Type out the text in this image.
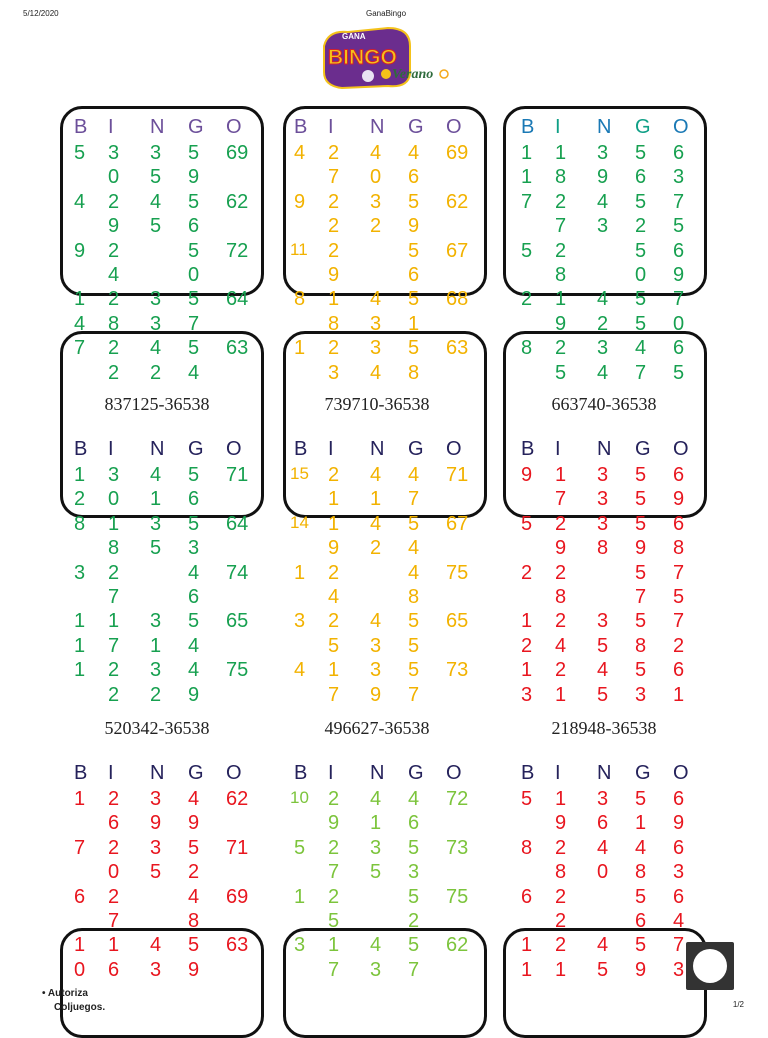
5/12/2020	GanaBingo
GANA
BINGO
Verano
B I N G O
5 3 3 5 69
0 5 9
4 2 4 5 62
9 5 6
9 2	5 72
4	0
1 2 3 5 64
4 8 3 7
7 2 4 5 63
2 2 4
837125-36538
B I N G O
4 2 4 4 69
7 0 6
9 2 3 5 62
2 2 9
11 2	5 67
9	6
8 1 4 5 68
8 3 1
1 2 3 5 63
3 4 8
739710-36538
B I N G O
1 1 3 5 6
1 8 9 6 3
7 2 4 5 7
7 3 2 5
5 2	5 6
8	0 9
2 1 4 5 7
9 2 5 0
8 2 3 4 6
5 4 7 5
663740-36538
B I N G O
1 3 4 5 71
2 0 1 6
8 1 3 5 64
8 5 3
3 2	4 74
7	6
1 1 3 5 65
1 7 1 4
1 2 3 4 75
2 2 9
520342-36538
B I N G O
15 2 4 4 71
1 1 7
14 1 4 5 67
9 2 4
1 2	4 75
4	8
3 2 4 5 65
5 3 5
4 1 3 5 73
7 9 7
496627-36538
B I N G O
9 1 3 5 6
7 3 5 9
5 2 3 5 6
9 8 9 8
2 2	5 7
8	7 5
1 2 3 5 7
2 4 5 8 2
1 2 4 5 6
3 1 5 3 1
218948-36538
B I N G O
1 2 3 4 62
6 9 9
7 2 3 5 71
0 5 2
6 2	4 69
7	8
1 1 4 5 63
0 6 3 9
B I N G O
10 2 4 4 72
9 1 6
5 2 3 5 73
7 5 3
1 2	5 75
5	2
3 1 4 5 62
7 3 7
B I N G O
5 1 3 5 6
9 6 1 9
8 2 4 4 6
8 0 8 3
6 2	5 6
2	6 4
1 2 4 5 7
1 1 5 9 3
• Autoriza
Coljuegos.	1/2
